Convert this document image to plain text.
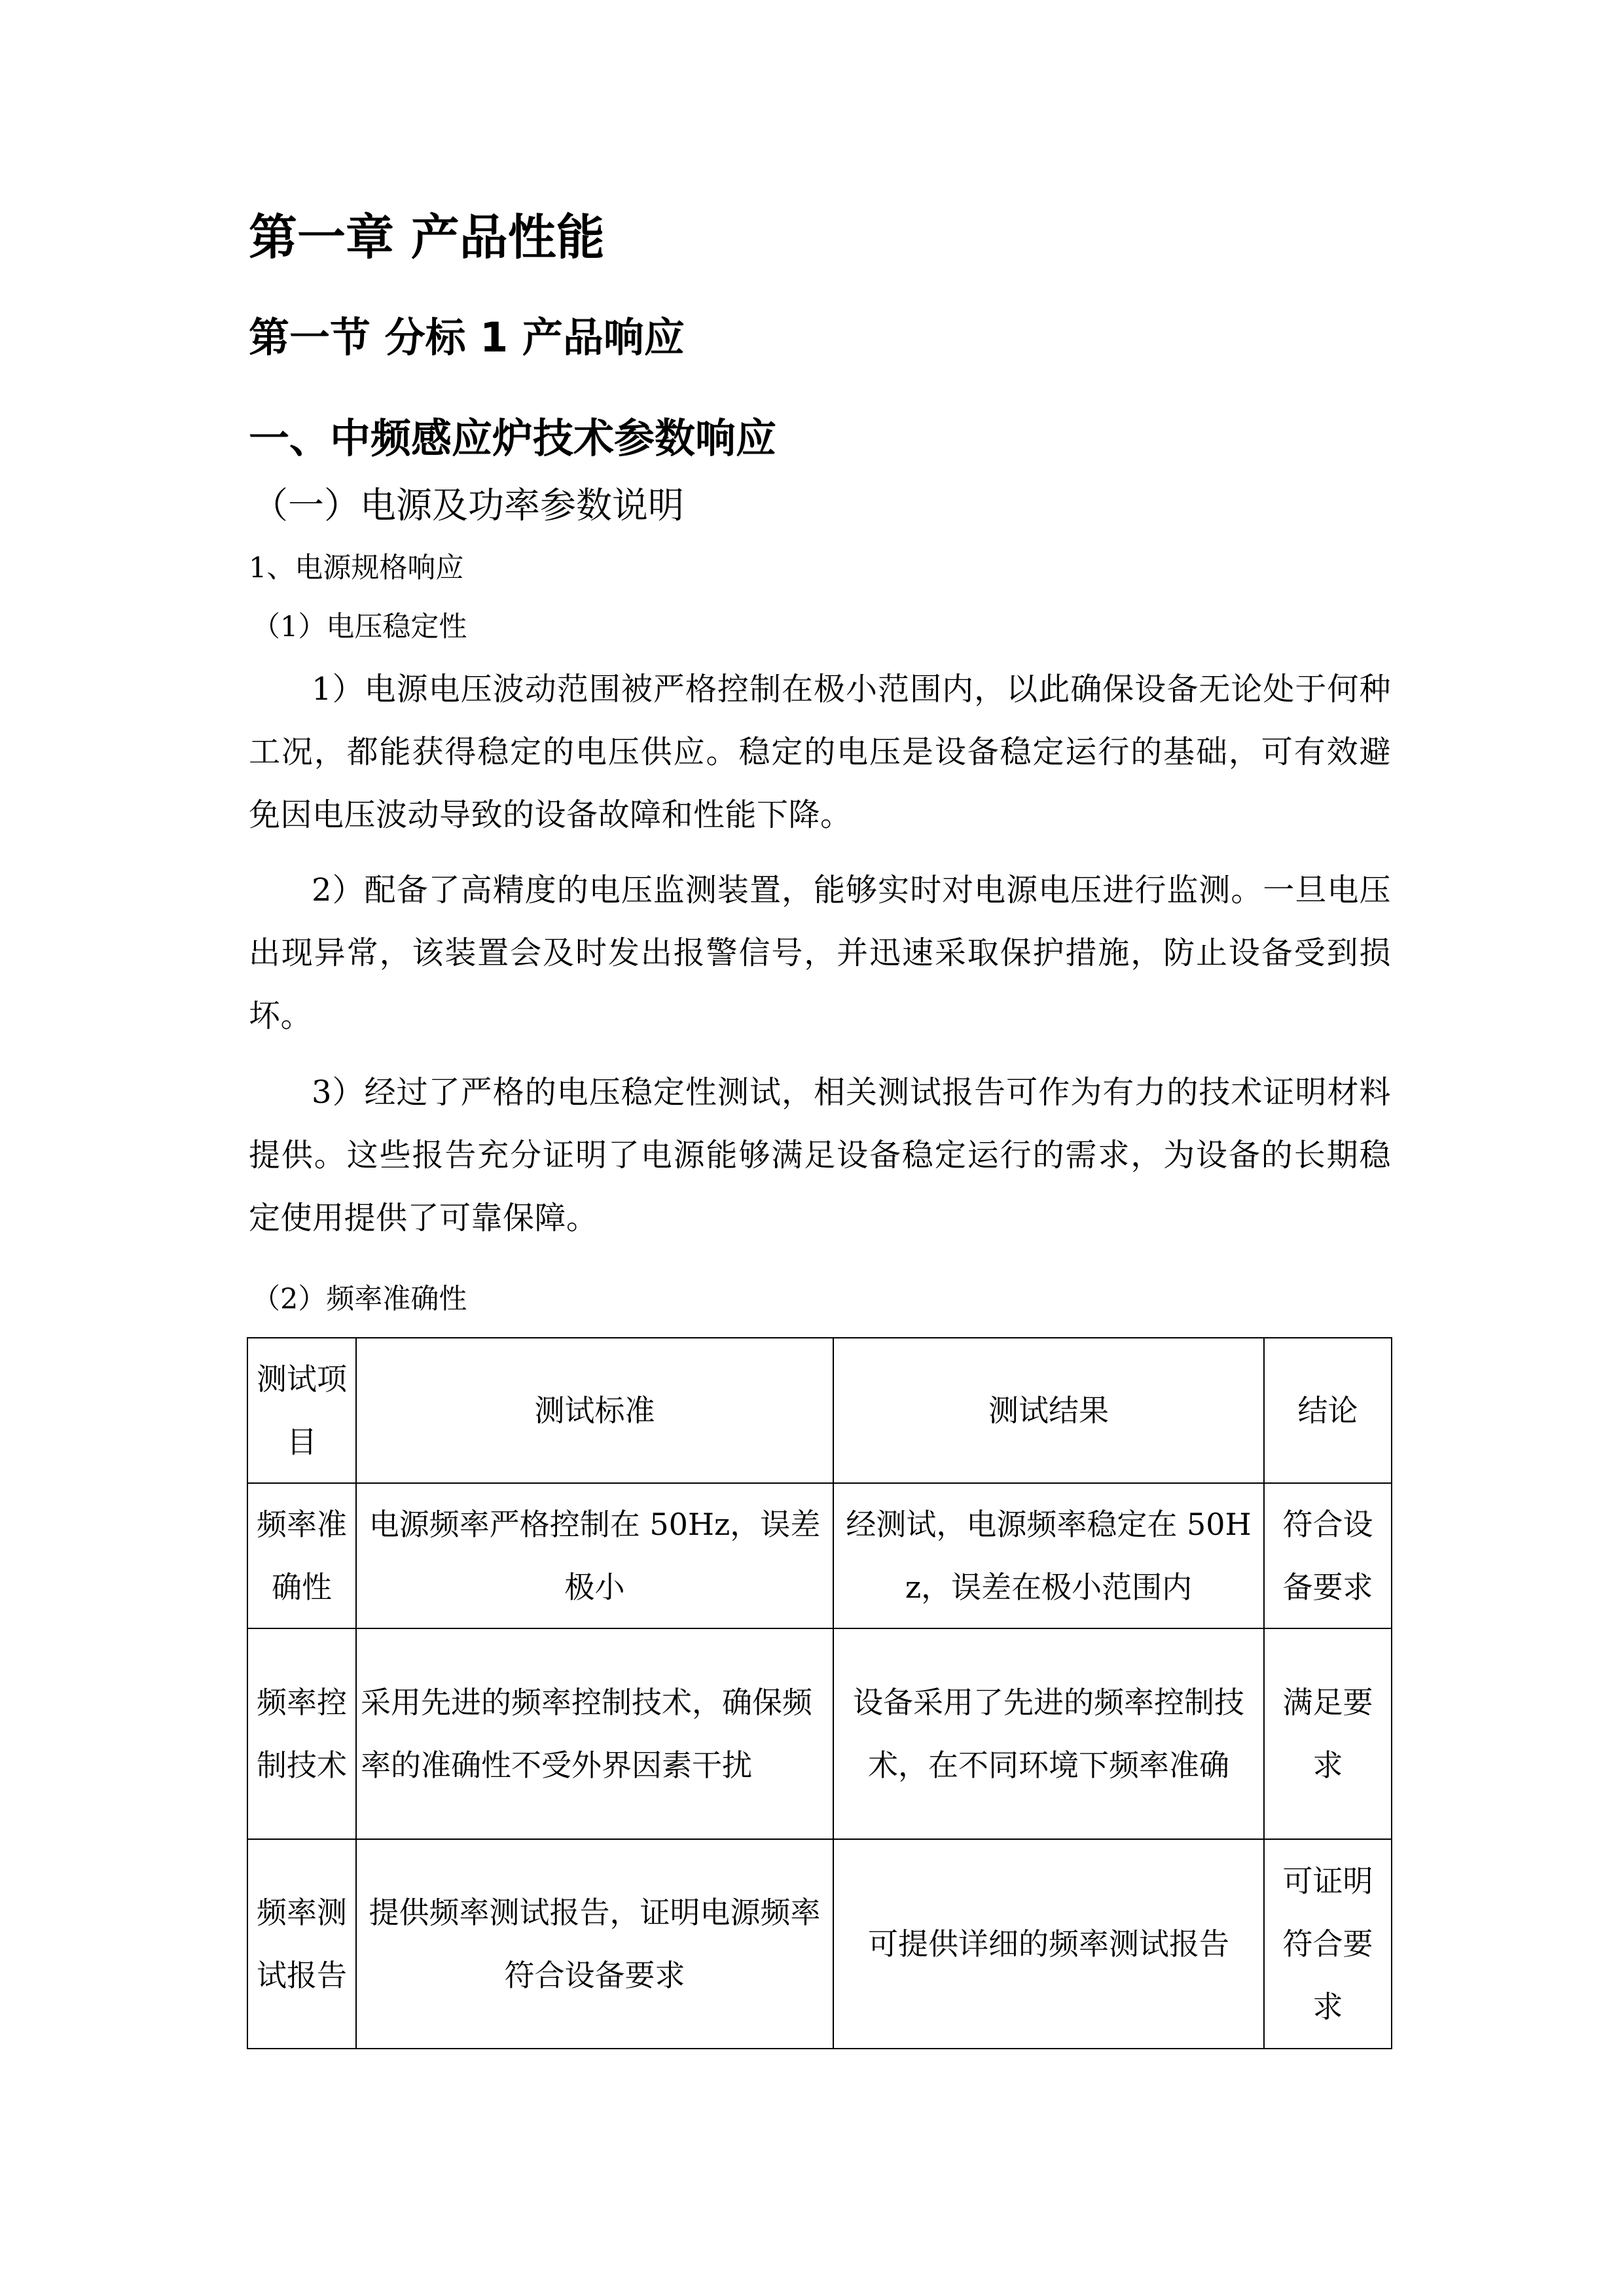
第一章 产品性能
第一节 分标 1 产品响应
一、中频感应炉技术参数响应
（一）电源及功率参数说明
1、电源规格响应
（1）电压稳定性

1）电源电压波动范围被严格控制在极小范围内，以此确保设备无论处于何种工况，都能获得稳定的电压供应。稳定的电压是设备稳定运行的基础，可有效避免因电压波动导致的设备故障和性能下降。

2）配备了高精度的电压监测装置，能够实时对电源电压进行监测。一旦电压出现异常，该装置会及时发出报警信号，并迅速采取保护措施，防止设备受到损坏。

3）经过了严格的电压稳定性测试，相关测试报告可作为有力的技术证明材料提供。这些报告充分证明了电源能够满足设备稳定运行的需求，为设备的长期稳定使用提供了可靠保障。

（2）频率准确性
测试项目	测试标准	测试结果	结论
频率准确性	电源频率严格控制在 50Hz，误差极小	经测试，电源频率稳定在 50Hz，误差在极小范围内	符合设备要求
频率控制技术	采用先进的频率控制技术，确保频率的准确性不受外界因素干扰	设备采用了先进的频率控制技术，在不同环境下频率准确	满足要求
频率测试报告	提供频率测试报告，证明电源频率符合设备要求	可提供详细的频率测试报告	可证明符合要求
